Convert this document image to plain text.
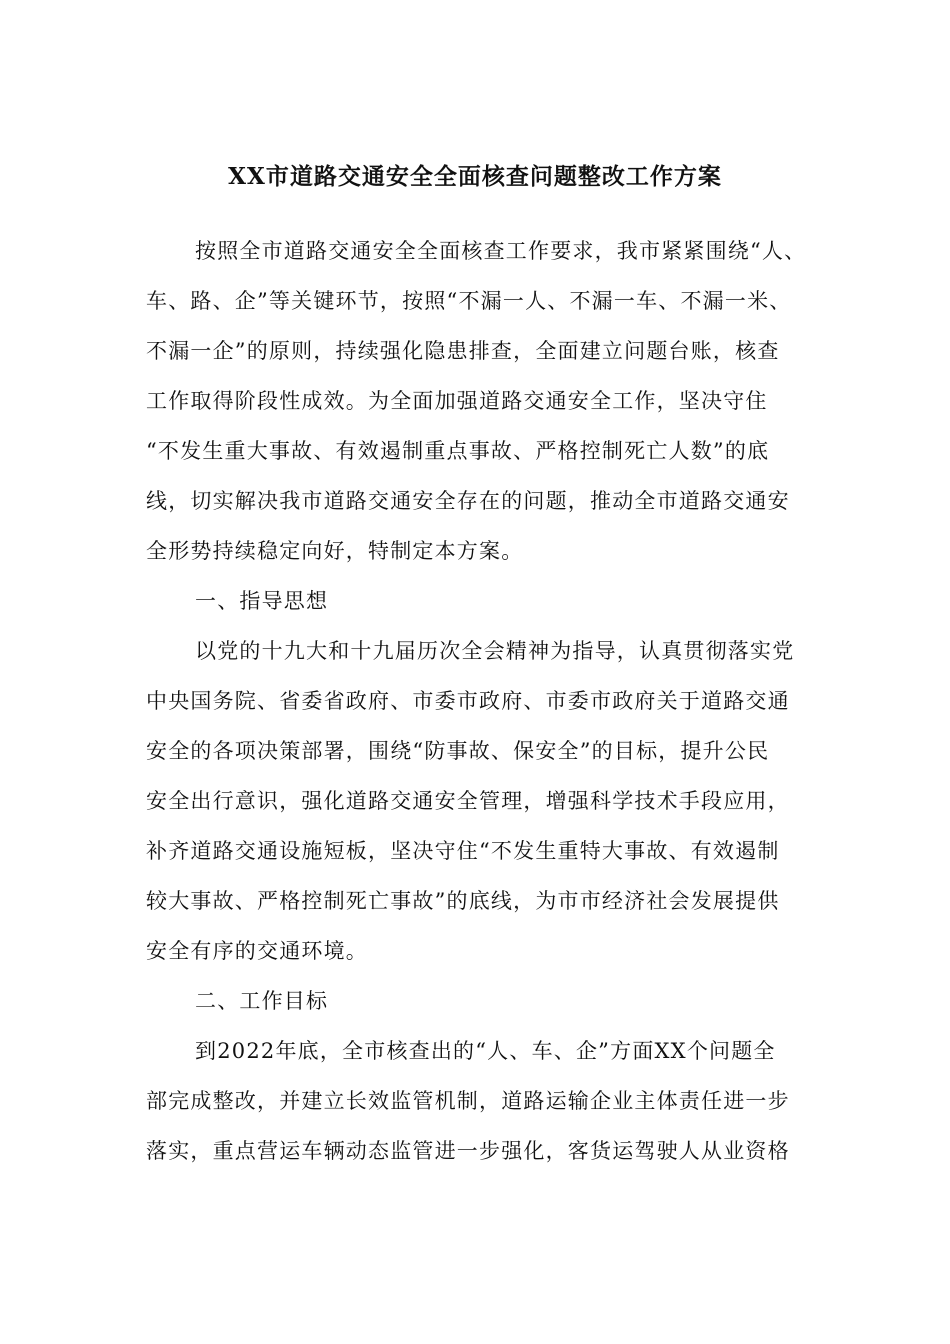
XX市道路交通安全全面核查问题整改工作方案
按照全市道路交通安全全面核查工作要求，我市紧紧围绕“人、
车、路、企”等关键环节，按照“不漏一人、不漏一车、不漏一米、
不漏一企”的原则，持续强化隐患排查，全面建立问题台账，核查
工作取得阶段性成效。为全面加强道路交通安全工作，坚决守住
“不发生重大事故、有效遏制重点事故、严格控制死亡人数”的底
线，切实解决我市道路交通安全存在的问题，推动全市道路交通安
全形势持续稳定向好，特制定本方案。
一、指导思想
以党的十九大和十九届历次全会精神为指导，认真贯彻落实党
中央国务院、省委省政府、市委市政府、市委市政府关于道路交通
安全的各项决策部署，围绕“防事故、保安全”的目标，提升公民
安全出行意识，强化道路交通安全管理，增强科学技术手段应用，
补齐道路交通设施短板，坚决守住“不发生重特大事故、有效遏制
较大事故、严格控制死亡事故”的底线，为市市经济社会发展提供
安全有序的交通环境。
二、工作目标
到2022年底，全市核查出的“人、车、企”方面XX个问题全
部完成整改，并建立长效监管机制，道路运输企业主体责任进一步
落实，重点营运车辆动态监管进一步强化，客货运驾驶人从业资格
